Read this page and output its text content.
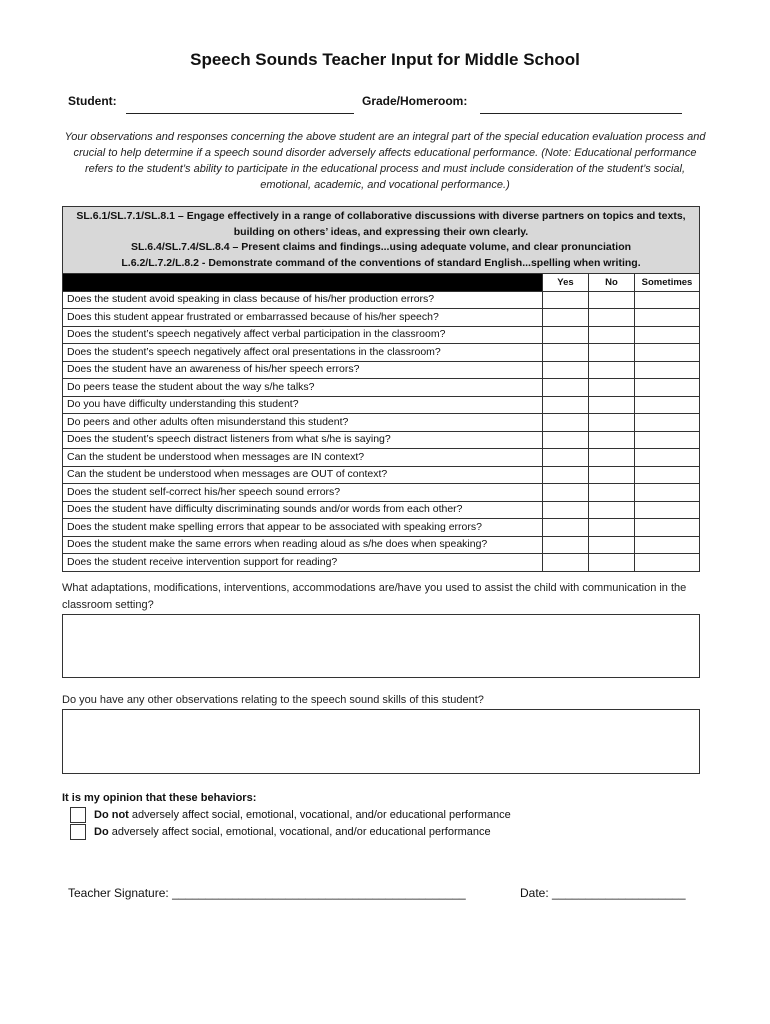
Speech Sounds Teacher Input for Middle School
Student:	Grade/Homeroom:
Your observations and responses concerning the above student are an integral part of the special education evaluation process and crucial to help determine if a speech sound disorder adversely affects educational performance. (Note: Educational performance refers to the student’s ability to participate in the educational process and must include consideration of the student’s social, emotional, academic, and vocational performance.)
SL.6.1/SL.7.1/SL.8.1 – Engage effectively in a range of collaborative discussions with diverse partners on topics and texts, building on others’ ideas, and expressing their own clearly.
SL.6.4/SL.7.4/SL.8.4 – Present claims and findings...using adequate volume, and clear pronunciation
L.6.2/L.7.2/L.8.2 - Demonstrate command of the conventions of standard English...spelling when writing.			

	Yes	No	Sometimes
Does the student avoid speaking in class because of his/her production errors?			
Does this student appear frustrated or embarrassed because of his/her speech?			
Does the student’s speech negatively affect verbal participation in the classroom?			
Does the student’s speech negatively affect oral presentations in the classroom?			
Does the student have an awareness of his/her speech errors?			
Do peers tease the student about the way s/he talks?			
Do you have difficulty understanding this student?			
Do peers and other adults often misunderstand this student?			
Does the student’s speech distract listeners from what s/he is saying?			
Can the student be understood when messages are IN context?			
Can the student be understood when messages are OUT of context?			
Does the student self-correct his/her speech sound errors?			
Does the student have difficulty discriminating sounds and/or words from each other?			
Does the student make spelling errors that appear to be associated with speaking errors?			
Does the student make the same errors when reading aloud as s/he does when speaking?			
Does the student receive intervention support for reading?			
What adaptations, modifications, interventions, accommodations are/have you used to assist the child with communication in the classroom setting?
Do you have any other observations relating to the speech sound skills of this student?
It is my opinion that these behaviors:
Do not adversely affect social, emotional, vocational, and/or educational performance
Do adversely affect social, emotional, vocational, and/or educational performance
Teacher Signature: ____________________________________________	Date: ____________________
